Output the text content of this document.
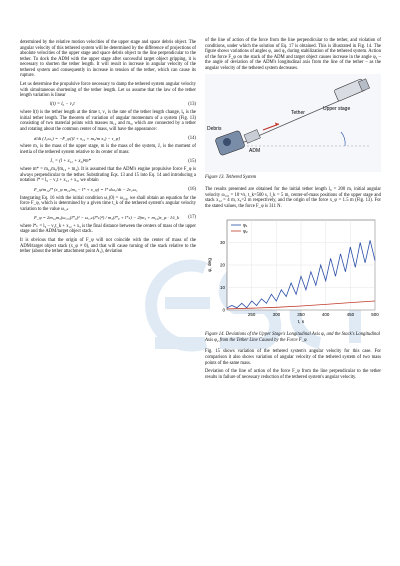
determined by the relative motion velocities of the upper stage and space debris object. The angular velocity of this tethered system will be determined by the difference of projections of absolute velocities of the upper stage and space debris object to the line perpendicular to the tether. To dock the ADM with the upper stage after successful target object gripping, it is necessary to shorten the tether length. It will result in increase in angular velocity of the tethered system and consequently in increase in tension of the tether, which can cause its rupture.

Let us determine the propulsive force necessary to damp the tethered system angular velocity with simultaneous shortening of the tether length. Let us assume that the law of the tether length variation is linear

l(t) = l₀ − v₁t	(13)

where l(t) is the tether length at the time t, v₁ is the rate of the tether length change, l₀ is the initial tether length. The theorem of variation of angular momentum of a system (Fig. 13) consisting of two material points with masses m₁₂ and m₃, which are connected by a tether and rotating about the common center of mass, will have the appearance:

d/dt (J꜀ω꜀) = −F_φ[(l + x₁₂ + m₃/m x₃) − τ_φ]	(14)

where m₁ is the mass of the upper stage, m is the mass of the system, J꜀ is the moment of inertia of the tethered system relative to its center of mass:

J꜀ = (l + x₁₂ + x₃)²m*	(15)

where m* = m₁₂m₃/(m₁₂ + m₃). It is assumed that the ADM's engine propulsive force F_φ is always perpendicular to the tether. Substituting Eqs. 13 and 15 into Eq. 14 and introducing a notation l* = l₀ − v₁t + x₁₂ + x₃, we obtain

F_φ/m₁₂l* (x_φ m₁₂/m₃ − l* + x_φ) = l* dω꜀/dt − 2v₁ω꜀	(16)

Integrating Eq. 16 with the initial condition ω꜀(0) = ω꜀,₀, we shall obtain an equation for the force F_φ, which is determined by a given time t_k of the tethered system's angular velocity variation to the value ω꜀,ₖ

F_φ = 2m₁₂m₃(ω꜀,₀(l*₀)² − ω꜀,ₖ(l*ₖ)²) / m₃(l*₀ + l*ₖ) − 2(m₃ + m₁₂)x_φ · 1/t_k (17)

where l*ₖ = l₀ − v₁t_k + x₁₂ + x₃ is the final distance between the centers of mass of the upper stage and the ADM/target object stack.

It is obvious that the origin of F_φ will not coincide with the center of mass of the ADM/target object stack (x_φ ≠ 0), and that will cause turning of the stack relative to the tether (about the tether attachment point A₁), deviation

of the line of action of the force from the line perpendicular to the tether, and violation of conditions, under which the solution of Eq. 17 is obtained. This is illustrated in Fig. 14. The figure shows variations of angles φ₁ and φ₂ during stabilization of the tethered system. Action of the force F_φ on the stack of the ADM and target object causes increase in the angle φ₂ – the angle of deviation of the ADM's longitudinal axis from the line of the tether – as the angular velocity of the tethered system decreases.

Debris
ADM
Upper stage
Tether

Figure 13. Tethered System

The results presented are obtained for the initial tether length l₀ = 200 m, initial angular velocity ω꜀,₀ = 10⁻³/s, t_k=500 s, l_k = 5 m, center-of-mass positions of the upper stage and stack x₁₂ = 4 m, x₃=2 m respectively, and the origin of the force x_φ = 1.5 m (Fig. 13). For the stated values, the force F_φ is 311 N.

250	300	350	400	450	500
0
10
20
30
φ₁
φ₂
t, s
φ, deg

Figure 14. Deviations of the Upper Stage's Longitudinal Axis φ₁ and the Stack's Longitudinal Axis φ₂ from the Tether Line Caused by the Force F_φ

Fig. 15 shows variation of the tethered system's angular velocity for this case. For comparison it also shows variation of angular velocity of the tethered system of two mass points of the same mass.

Deviation of the line of action of the force F_φ from the line perpendicular to the tether results in failure of necessary reduction of the tethered system's angular velocity.
